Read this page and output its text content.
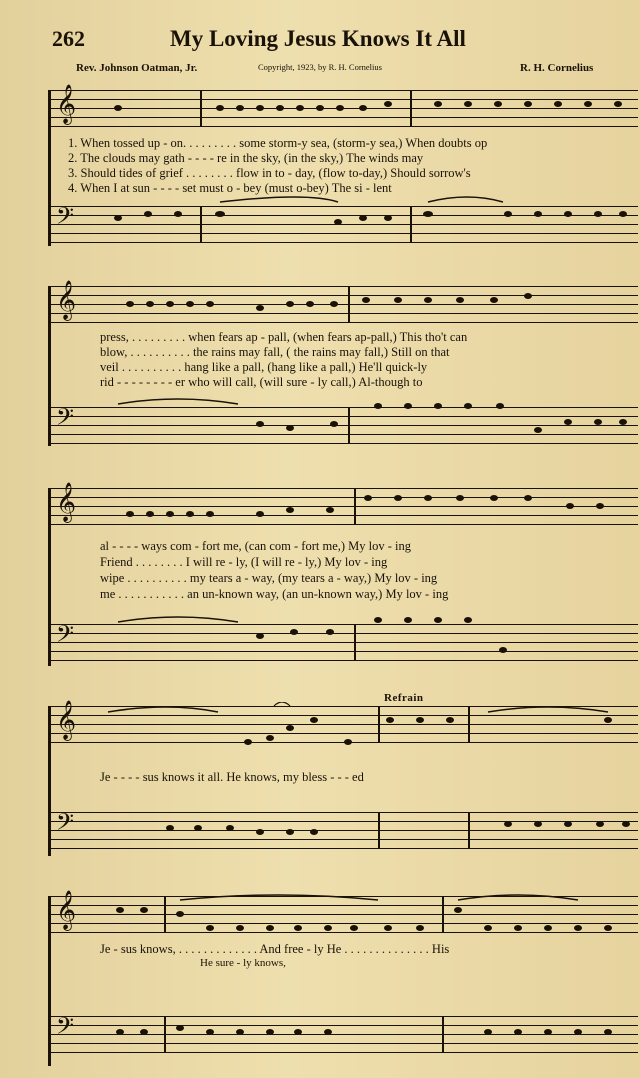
262	My Loving Jesus Knows It All
Rev. Johnson Oatman, Jr.	Copyright, 1923, by R. H. Cornelius	R. H. Cornelius
𝄞
1. When tossed up - on. . . . . . . . . some storm-y sea, (storm-y sea,) When doubts op
2. The clouds may gath - - - - re in the sky, (in the sky,) The winds may
3. Should tides of grief . . . . . . . . flow in to - day, (flow to-day,) Should sorrow's
4. When I at sun - - - - set must o - bey (must o-bey) The si - lent
𝄢
𝄞
press, . . . . . . . . . when fears ap - pall, (when fears ap-pall,) This tho't can
blow, . . . . . . . . . . the rains may fall, ( the rains may fall,) Still on that
veil . . . . . . . . . . hang like a pall, (hang like a pall,) He'll quick-ly
rid - - - - - - - - er who will call, (will sure - ly call,) Al-though to
𝄢
𝄞
al - - - - ways com - fort me, (can com - fort me,) My lov - ing
Friend . . . . . . . . I will re - ly, (I will re - ly,) My lov - ing
wipe . . . . . . . . . . my tears a - way, (my tears a - way,) My lov - ing
me . . . . . . . . . . . an un-known way, (an un-known way,) My lov - ing
𝄢
Refrain
𝄞
Je - - - - sus knows it all. He knows, my bless - - - ed
𝄢
𝄞
Je - sus knows, . . . . . . . . . . . . . And free - ly He . . . . . . . . . . . . . . His
He sure - ly knows,
𝄢
